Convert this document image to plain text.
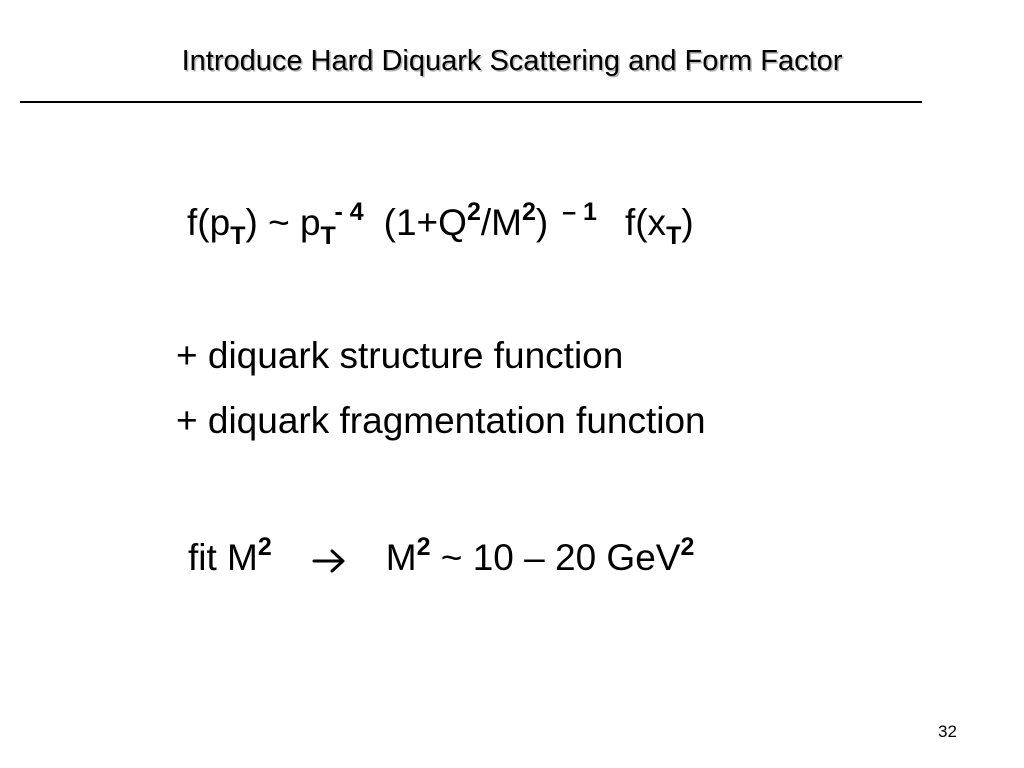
Introduce Hard Diquark Scattering and Form Factor
$f(p_T)$ ~ $p_T^{- 4}$ $(1+Q^2/M^2)$ $^{- 1}$ $f(x_T)$
+ diquark structure function
+ diquark fragmentation function
fit $M^2$	$M^2$ ~ 10 – 20 GeV$^2$
32
